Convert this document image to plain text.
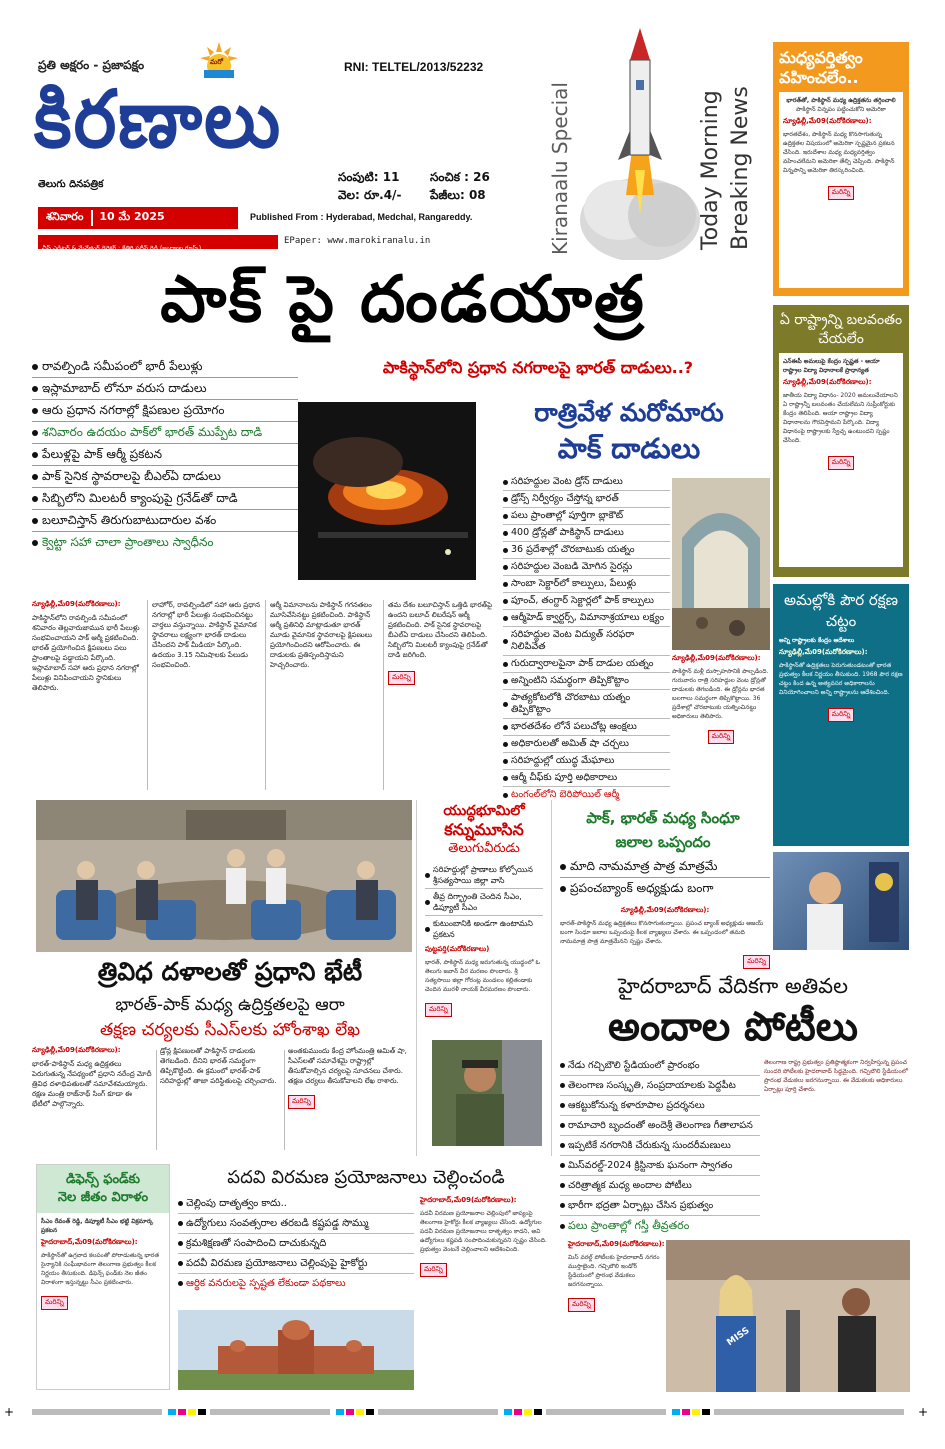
ప్రతి అక్షరం - ప్రజాపక్షం	మరో	RNI: TELTEL/2013/52232
కిరణాలు
తెలుగు దినపత్రిక
సంపుటి: 11	సంచిక : 26
వెల: రూ.4/- పేజీలు: 08
శనివారం	10 మే 2025	Published From : Hyderabad, Medchal, Rangareddy.
చీఫ్ ఎడిటర్ & మేనేజింగ్ డైరెక్టర్ : కేతిరి ప్రదీప్ రెడ్డి (జంధ్యాల గ్రూప్స్)
EPaper: www.marokiranalu.in	Kiranaalu Special	Today Morning Breaking News
మధ్యవర్తిత్వం వహించలేం..
భారత్‌తో, పాకిస్థాన్ మధ్య ఉద్రిక్తతను తగ్గించాలి
పాకిస్థాన్ విన్నపం పట్టించుకోని అమెరికా
న్యూఢిల్లీ,మే09(మరోకిరణాలు):
భారతదేశం, పాకిస్థాన్ మధ్య కొనసాగుతున్న ఉద్రిక్తతల విషయంలో అమెరికా స్పష్టమైన ప్రకటన చేసింది. ఇరుదేశాల మధ్య మధ్యవర్తిత్వం వహించలేమని అమెరికా తేల్చి చెప్పింది. పాకిస్థాన్ విన్నపాన్ని అమెరికా తిరస్కరించింది.
మరిన్ని
ఏ రాష్ట్రాన్ని బలవంతం చేయలేం
ఎన్ఈపీ అమలుపై కేంద్రం స్పష్టత - ఆయా రాష్ట్రాల విద్యా విధానాలకే ప్రాధాన్యత
న్యూఢిల్లీ,మే09(మరోకిరణాలు):
జాతీయ విద్యా విధానం- 2020 అమలుచేయాలని ఏ రాష్ట్రాన్నీ బలవంతం చేయలేమని సుప్రీంకోర్టుకు కేంద్రం తెలిపింది. ఆయా రాష్ట్రాల విద్యా విధానాలను గౌరవిస్తామని పేర్కొంది. విద్యా విధానంపై రాష్ట్రాలకు స్వేచ్ఛ ఉంటుందని స్పష్టం చేసింది.
మరిన్ని
అమల్లోకి పౌర రక్షణ చట్టం
అన్ని రాష్ట్రాలకు కేంద్రం ఆదేశాలు
న్యూఢిల్లీ,మే09(మరోకిరణాలు):
పాకిస్థాన్‌తో ఉద్రిక్తతలు పెరుగుతుండటంతో భారత ప్రభుత్వం కీలక నిర్ణయం తీసుకుంది. 1968 పౌర రక్షణ చట్టం కింద ఉన్న అత్యవసర అధికారాలను వినియోగించాలని అన్ని రాష్ట్రాలను ఆదేశించింది.
మరిన్ని
పాక్ పై దండయాత్ర
పాకిస్థాన్‌లోని ప్రధాన నగరాలపై భారత్ దాడులు..?
రావల్పిండి సమీపంలో భారీ పేలుళ్లు
ఇస్లామాబాద్ లోనూ వరుస దాడులు
ఆరు ప్రధాన నగరాల్లో క్షిపణుల ప్రయోగం
శనివారం ఉదయం పాక్‌లో భారత్ ముప్పేట దాడి
పేలుళ్లపై పాక్ ఆర్మీ ప్రకటన
పాక్ సైనిక స్థావరాలపై బీఎల్ఏ దాడులు
సిబ్బిలోని మిలటరీ క్యాంపుపై గ్రనేడ్‌తో దాడి
బలూచిస్తాన్ తిరుగుబాటుదారుల వశం
క్వెట్టా సహా చాలా ప్రాంతాలు స్వాధీనం
రాత్రివేళ మరోమారు
పాక్ దాడులు
సరిహద్దుల వెంట డ్రోన్ దాడులు
డ్రోన్స్ నిర్వీర్యం చేస్తోన్న భారత్
పలు ప్రాంతాల్లో పూర్తిగా బ్లాకౌట్
400 డ్రోన్లతో పాకిస్థాన్ దాడులు
36 ప్రదేశాల్లో చొరబాటుకు యత్నం
సరిహద్దుల వెంబడి మోగిన సైరన్లు
సాంబా సెక్టార్‌లో కాల్పులు, పేలుళ్లు
పూంచ్, తంగ్దార్ సెక్టార్లలో పాక్ కాల్పులు
ఆర్మీహెడ్ క్వార్టర్స్, విమానాశ్రయాలు లక్ష్యం
సరిహద్దుల వెంట విద్యుత్ సరఫరా నిలిపివేత
గురుద్వారాలపైనా పాక్ దాడుల యత్నం
అన్నింటిని సమర్థంగా తిప్పికొట్టాం
పాత్యకోటలోకి చొరబాటు యత్నం తిప్పికొట్టాం
భారతదేశం లోనే పలుచోట్ల ఆంక్షలు
అధికారులతో అమిత్ షా చర్చలు
సరిహద్దుల్లో యుద్ధ మేఘాలు
ఆర్మీ చీఫ్‌కు పూర్తి అధికారాలు
టంగంల్‌లోని బెరిపోయిల్ ఆర్మీ
న్యూఢిల్లీ,మే09(మరోకిరణాలు):
పాకిస్థాన్ మళ్లీ దుస్సాహసానికి పాల్పడింది. గురువారం రాత్రి సరిహద్దుల వెంట డ్రోన్లతో దాడులకు తెగబడింది. ఈ డ్రోన్లను భారత బలగాలు సమర్థంగా తిప్పికొట్టాయి. 36 ప్రదేశాల్లో చొరబాటుకు యత్నించినట్టు అధికారులు తెలిపారు.
మరిన్ని
న్యూఢిల్లీ,మే09(మరోకిరణాలు):
పాకిస్థాన్‌లోని రావల్పిండి సమీపంలో శనివారం తెల్లవారుజామున భారీ పేలుళ్లు సంభవించాయని పాక్ ఆర్మీ ప్రకటించింది. భారత్ ప్రయోగించిన క్షిపణులు పలు ప్రాంతాలపై పడ్డాయని పేర్కొంది. ఇస్లామాబాద్ సహా ఆరు ప్రధాన నగరాల్లో పేలుళ్లు వినిపించాయని స్థానికులు తెలిపారు.
లాహోర్, రావల్పిండిలో సహా ఆరు ప్రధాన నగరాల్లో భారీ పేలుళ్లు సంభవించినట్టు వార్తలు వస్తున్నాయి. పాకిస్థాన్ వైమానిక స్థావరాలు లక్ష్యంగా భారత్ దాడులు చేసిందని పాక్ మీడియా పేర్కొంది. ఉదయం 3.15 నిమిషాలకు పేలుడు సంభవించింది.
ఆర్మీ విమానాలను పాకిస్థాన్ గగనతలం మూసివేసినట్టు ప్రకటించింది. పాకిస్థాన్ ఆర్మీ ప్రతినిధి మాట్లాడుతూ భారత్ మూడు వైమానిక స్థావరాలపై క్షిపణులు ప్రయోగించిందని ఆరోపించారు. ఈ దాడులకు ప్రతిస్పందిస్తామని హెచ్చరించారు.
తమ దేశం బలూచిస్తాన్ ఒత్తిడి భారత్‌పై ఉందని బలూచ్ లిబరేషన్ ఆర్మీ ప్రకటించింది. పాక్ సైనిక స్థావరాలపై బీఎల్ఏ దాడులు చేసిందని తెలిపింది. సిబ్బిలోని మిలటరీ క్యాంపుపై గ్రనేడ్‌తో దాడి జరిగింది.
మరిన్ని
త్రివిధ దళాలతో ప్రధాని భేటీ
భారత్-పాక్ మధ్య ఉద్రిక్తతలపై ఆరా
తక్షణ చర్యలకు సీఎస్‌లకు హోంశాఖ లేఖ
న్యూఢిల్లీ,మే09(మరోకిరణాలు):
భారత్-పాకిస్థాన్ మధ్య ఉద్రిక్తతలు పెరుగుతున్న నేపథ్యంలో ప్రధాని నరేంద్ర మోదీ త్రివిధ దళాధిపతులతో సమావేశమయ్యారు. రక్షణ మంత్రి రాజ్‌నాథ్ సింగ్ కూడా ఈ భేటీలో పాల్గొన్నారు.
డ్రోన్ల క్షిపణులతో పాకిస్థాన్ దాడులకు తెగబడింది. దీనిని భారత్ సమర్థంగా తిప్పికొట్టింది. ఈ క్రమంలో భారత్-పాక్ సరిహద్దుల్లో తాజా పరిస్థితులపై చర్చించారు.
అంతకుముందు కేంద్ర హోంమంత్రి అమిత్ షా, సీఎస్‌లతో సమావేశమై రాష్ట్రాల్లో తీసుకోవాల్సిన చర్యలపై సూచనలు చేశారు. తక్షణ చర్యలు తీసుకోవాలని లేఖ రాశారు.
మరిన్ని
యుద్ధభూమిలో
కన్నుమూసిన
తెలుగువీరుడు
సరిహద్దుల్లో ప్రాణాలు కోల్పోయిన శ్రీసత్యసాయి జిల్లా వాసి
తీవ్ర దిగ్భ్రాంతి చెందిన సీఎం, డిప్యూటీ సీఎం
కుటుంబానికి అండగా ఉంటామని ప్రకటన
పుట్టపర్తి(మరోకిరణాలు)
భారత్, పాకిస్థాన్ మధ్య జరుగుతున్న యుద్ధంలో ఓ తెలుగు జవాన్ వీర మరణం పొందారు. శ్రీ సత్యసాయి జిల్లా గోరంట్ల మండలం కల్లితండాకు చెందిన మురళీ నాయక్ వీరమరణం పొందారు.
మరిన్ని
పాక్, భారత్ మధ్య సింధూ
జలాల ఒప్పందం
మాది నామమాత్ర పాత్ర మాత్రమే
ప్రపంచబ్యాంక్ అధ్యక్షుడు బంగా
న్యూఢిల్లీ,మే09(మరోకిరణాలు):
భారత్-పాకిస్థాన్ మధ్య ఉద్రిక్తతలు కొనసాగుతున్నాయి. ప్రపంచ బ్యాంక్ అధ్యక్షుడు అజయ్ బంగా సింధూ జలాల ఒప్పందంపై కీలక వ్యాఖ్యలు చేశారు. ఈ ఒప్పందంలో తమది నామమాత్ర పాత్ర మాత్రమేనని స్పష్టం చేశారు.
మరిన్ని
హైదరాబాద్ వేదికగా అతివల
అందాల పోటీలు
నేడు గచ్చిబౌలి స్టేడియంలో ప్రారంభం
తెలంగాణ సంస్కృతి, సంప్రదాయాలకు పెద్దపీట
ఆకట్టుకోనున్న కళారూపాల ప్రదర్శనలు
రామాచారి బృందంతో అందెశ్రీ తెలంగాణ గీతాలాపన
ఇప్పటికే నగరానికి చేరుకున్న సుందరీమణులు
మిస్‌వరల్డ్-2024 క్రిస్టినాకు ఘనంగా స్వాగతం
చరిత్రాత్మక మధ్య అందాల పోటీలు
భారీగా భద్రతా ఏర్పాట్లు చేసిన ప్రభుత్వం
పలు ప్రాంతాల్లో గస్తీ తీవ్రతరం
తెలంగాణ రాష్ట్ర ప్రభుత్వం ప్రతిష్ఠాత్మకంగా నిర్వహిస్తున్న ప్రపంచ సుందరి పోటీలకు హైదరాబాద్ సిద్ధమైంది. గచ్చిబౌలి స్టేడియంలో ప్రారంభ వేడుకలు జరగనున్నాయి. ఈ వేడుకలకు అధికారులు ఏర్పాట్లు పూర్తి చేశారు.
హైదరాబాద్,మే09(మరోకిరణాలు):
మిస్ వరల్డ్ పోటీలకు హైదరాబాద్ నగరం ముస్తాబైంది. గచ్చిబౌలి ఇండోర్ స్టేడియంలో ప్రారంభ వేడుకలు జరగనున్నాయి.
మరిన్ని
MISS
డిఫెన్స్ ఫండ్‌కు
నెల జీతం విరాళం
సీఎం రేవంత్ రెడ్డి, డిప్యూటీ సీఎం భట్టి విక్రమార్క ప్రకటన
హైదరాబాద్,మే09(మరోకిరణాలు):
పాకిస్థాన్‌తో ఉగ్రవాద కలపంతో పోరాడుతున్న భారత సైన్యానికి సంఘీభావంగా తెలంగాణ ప్రభుత్వం కీలక నిర్ణయం తీసుకుంది. డిఫెన్స్ ఫండ్‌కు నెల జీతం విరాళంగా ఇస్తున్నట్టు సీఎం ప్రకటించారు.
మరిన్ని
పదవి విరమణ ప్రయోజనాలు చెల్లించండి
చెల్లింపు దాతృత్వం కాదు..
ఉద్యోగులు సంవత్సరాల తరబడి కష్టపడ్డ సొమ్ము
క్రమశిక్షణతో సంపాదించి దాచుకున్నది
పదవీ విరమణ ప్రయోజనాలు చెల్లింపుపై హైకోర్టు
ఆర్థిక వనరులపై స్పష్టత లేకుండా పథకాలు
హైదరాబాద్,మే09(మరోకిరణాలు):
పదవీ విరమణ ప్రయోజనాల చెల్లింపులో జాప్యంపై తెలంగాణ హైకోర్టు కీలక వ్యాఖ్యలు చేసింది. ఉద్యోగుల పదవీ విరమణ ప్రయోజనాలు దాతృత్వం కాదని, అవి ఉద్యోగులు కష్టపడి సంపాదించుకున్నవని స్పష్టం చేసింది. ప్రభుత్వం వెంటనే చెల్లించాలని ఆదేశించింది.
మరిన్ని
+	+
